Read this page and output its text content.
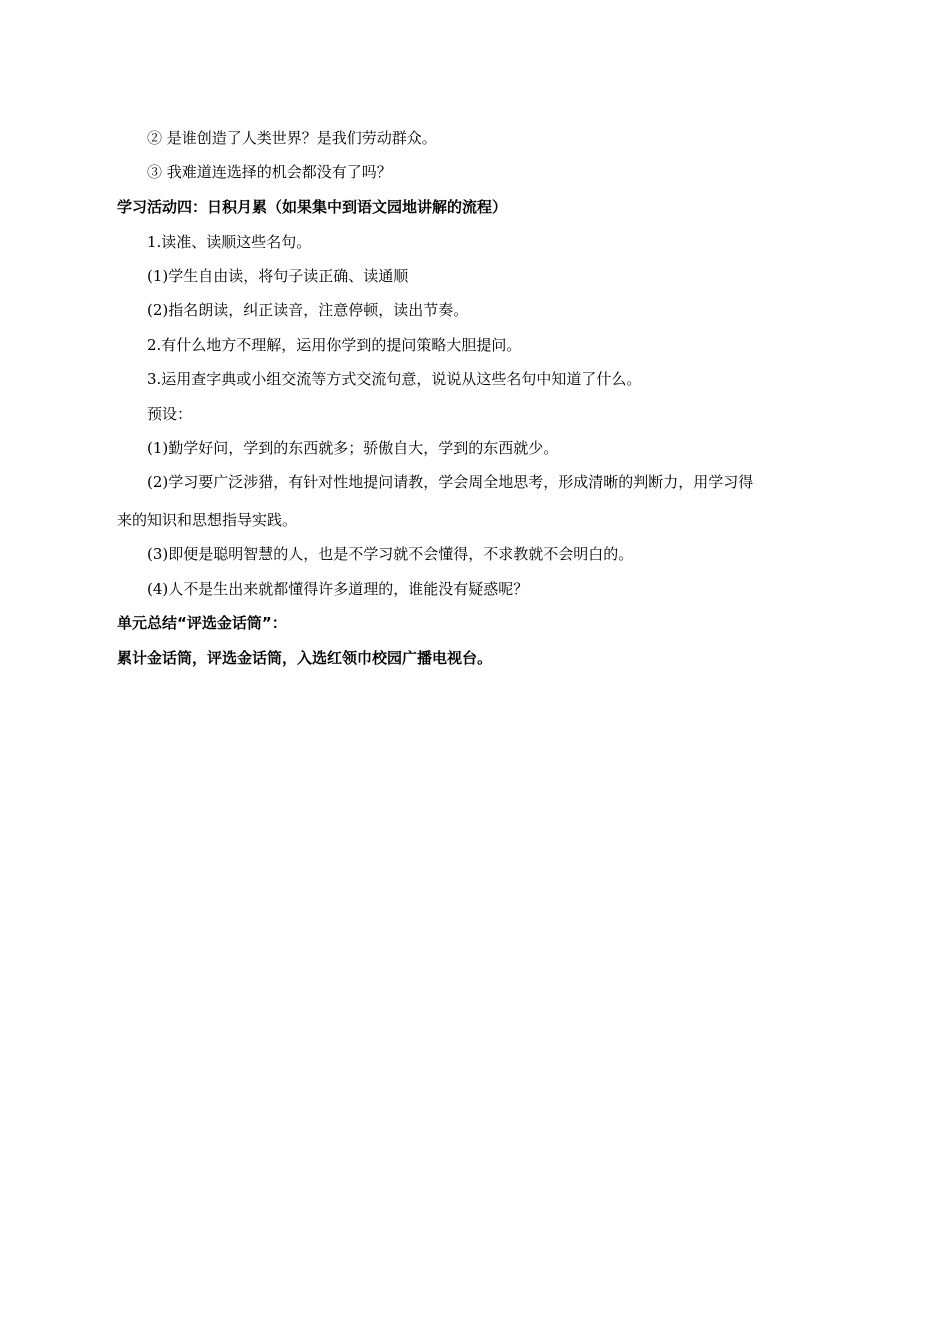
② 是谁创造了人类世界？是我们劳动群众。
③ 我难道连选择的机会都没有了吗？
学习活动四：日积月累（如果集中到语文园地讲解的流程）
1.读准、读顺这些名句。
(1)学生自由读，将句子读正确、读通顺
(2)指名朗读，纠正读音，注意停顿，读出节奏。
2.有什么地方不理解，运用你学到的提问策略大胆提问。
3.运用查字典或小组交流等方式交流句意，说说从这些名句中知道了什么。
预设：
(1)勤学好问，学到的东西就多；骄傲自大，学到的东西就少。
(2)学习要广泛涉猎，有针对性地提问请教，学会周全地思考，形成清晰的判断力，用学习得
来的知识和思想指导实践。
(3)即便是聪明智慧的人，也是不学习就不会懂得，不求教就不会明白的。
(4)人不是生出来就都懂得许多道理的，谁能没有疑惑呢？
单元总结“评选金话筒”：
累计金话筒，评选金话筒，入选红领巾校园广播电视台。
